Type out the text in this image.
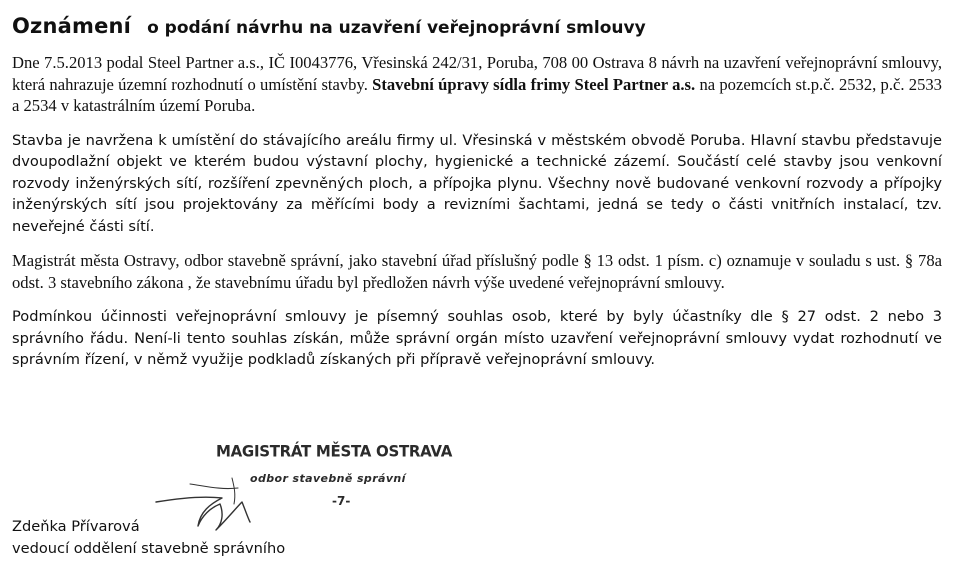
Oznámení o podání návrhu na uzavření veřejnoprávní smlouvy

Dne 7.5.2013 podal Steel Partner a.s., IČ I0043776, Vřesinská 242/31, Poruba, 708 00 Ostrava 8 návrh na uzavření veřejnoprávní smlouvy, která nahrazuje územní rozhodnutí o umístění stavby. Stavební úpravy sídla frimy Steel Partner a.s. na pozemcích st.p.č. 2532, p.č. 2533 a 2534 v katastrálním území Poruba.

Stavba je navržena k umístění do stávajícího areálu firmy ul. Vřesinská v městském obvodě Poruba. Hlavní stavbu představuje dvoupodlažní objekt ve kterém budou výstavní plochy, hygienické a technické zázemí. Součástí celé stavby jsou venkovní rozvody inženýrských sítí, rozšíření zpevněných ploch, a přípojka plynu. Všechny nově budované venkovní rozvody a přípojky inženýrských sítí jsou projektovány za měřícími body a revizními šachtami, jedná se tedy o části vnitřních instalací, tzv. neveřejné části sítí.

Magistrát města Ostravy, odbor stavebně správní, jako stavební úřad příslušný podle § 13 odst. 1 písm. c) oznamuje v souladu s ust. § 78a odst. 3 stavebního zákona , že stavebnímu úřadu byl předložen návrh výše uvedené veřejnoprávní smlouvy.

Podmínkou účinnosti veřejnoprávní smlouvy je písemný souhlas osob, které by byly účastníky dle § 27 odst. 2 nebo 3 správního řádu. Není-li tento souhlas získán, může správní orgán místo uzavření veřejnoprávní smlouvy vydat rozhodnutí ve správním řízení, v němž využije podkladů získaných při přípravě veřejnoprávní smlouvy.

MAGISTRÁT MĚSTA OSTRAVA
odbor stavebně správní
-7-
Zdeňka Přívarová
vedoucí oddělení stavebně správního
